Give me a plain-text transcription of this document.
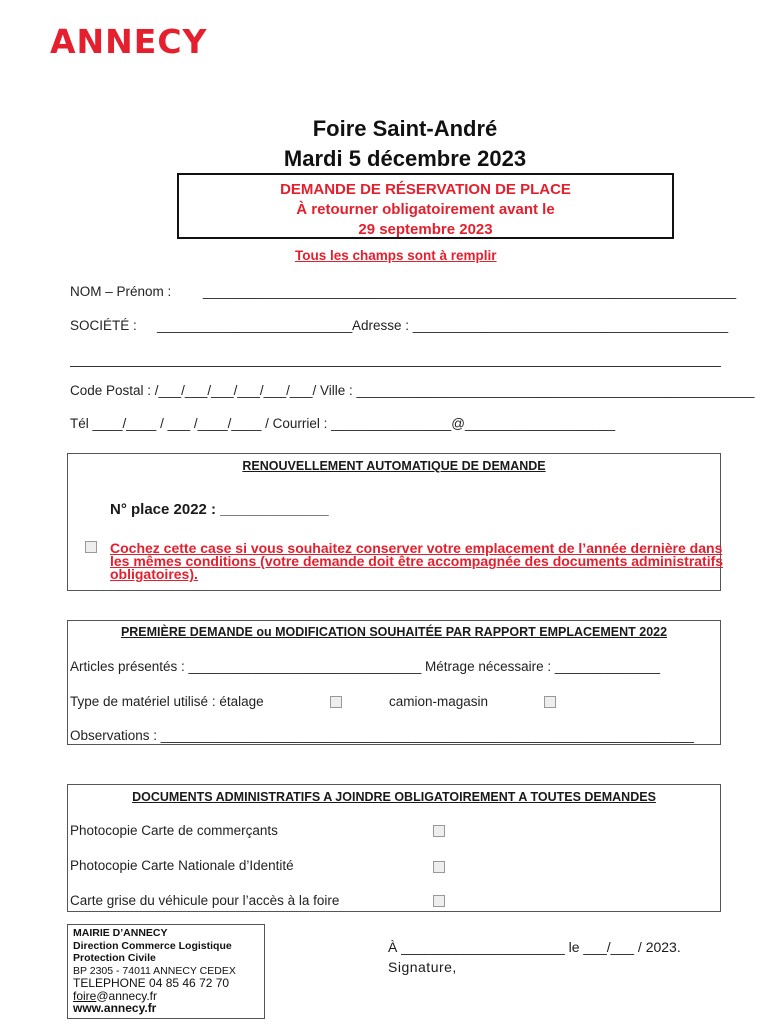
ANNECY
Foire Saint-André
Mardi 5 décembre 2023
DEMANDE DE RÉSERVATION DE PLACE
À retourner obligatoirement avant le
29 septembre 2023
Tous les champs sont à remplir
NOM – Prénom : _______________________________________________________________________
SOCIÉTÉ : __________________________ Adresse : __________________________________________
Code Postal : /___/___/___/___/___/___/ Ville : _____________________________________________________
Tél ____/____ / ___ /____/____ / Courriel : ________________@____________________
RENOUVELLEMENT AUTOMATIQUE DE DEMANDE
N° place 2022 : _____________
Cochez cette case si vous souhaitez conserver votre emplacement de l’année dernière dans les mêmes conditions (votre demande doit être accompagnée des documents administratifs obligatoires).
PREMIÈRE DEMANDE ou MODIFICATION SOUHAITÉE PAR RAPPORT EMPLACEMENT 2022
Articles présentés : _______________________________ Métrage nécessaire : ______________
Type de matériel utilisé : étalage	camion-magasin
Observations : _______________________________________________________________________
DOCUMENTS ADMINISTRATIFS A JOINDRE OBLIGATOIREMENT A TOUTES DEMANDES
Photocopie Carte de commerçants
Photocopie Carte Nationale d’Identité
Carte grise du véhicule pour l’accès à la foire
MAIRIE D’ANNECY
Direction Commerce Logistique
Protection Civile
BP 2305 - 74011 ANNECY CEDEX
TELEPHONE 04 85 46 72 70
foire@annecy.fr
www.annecy.fr
À _____________________ le ___/___ / 2023.
Signature,
